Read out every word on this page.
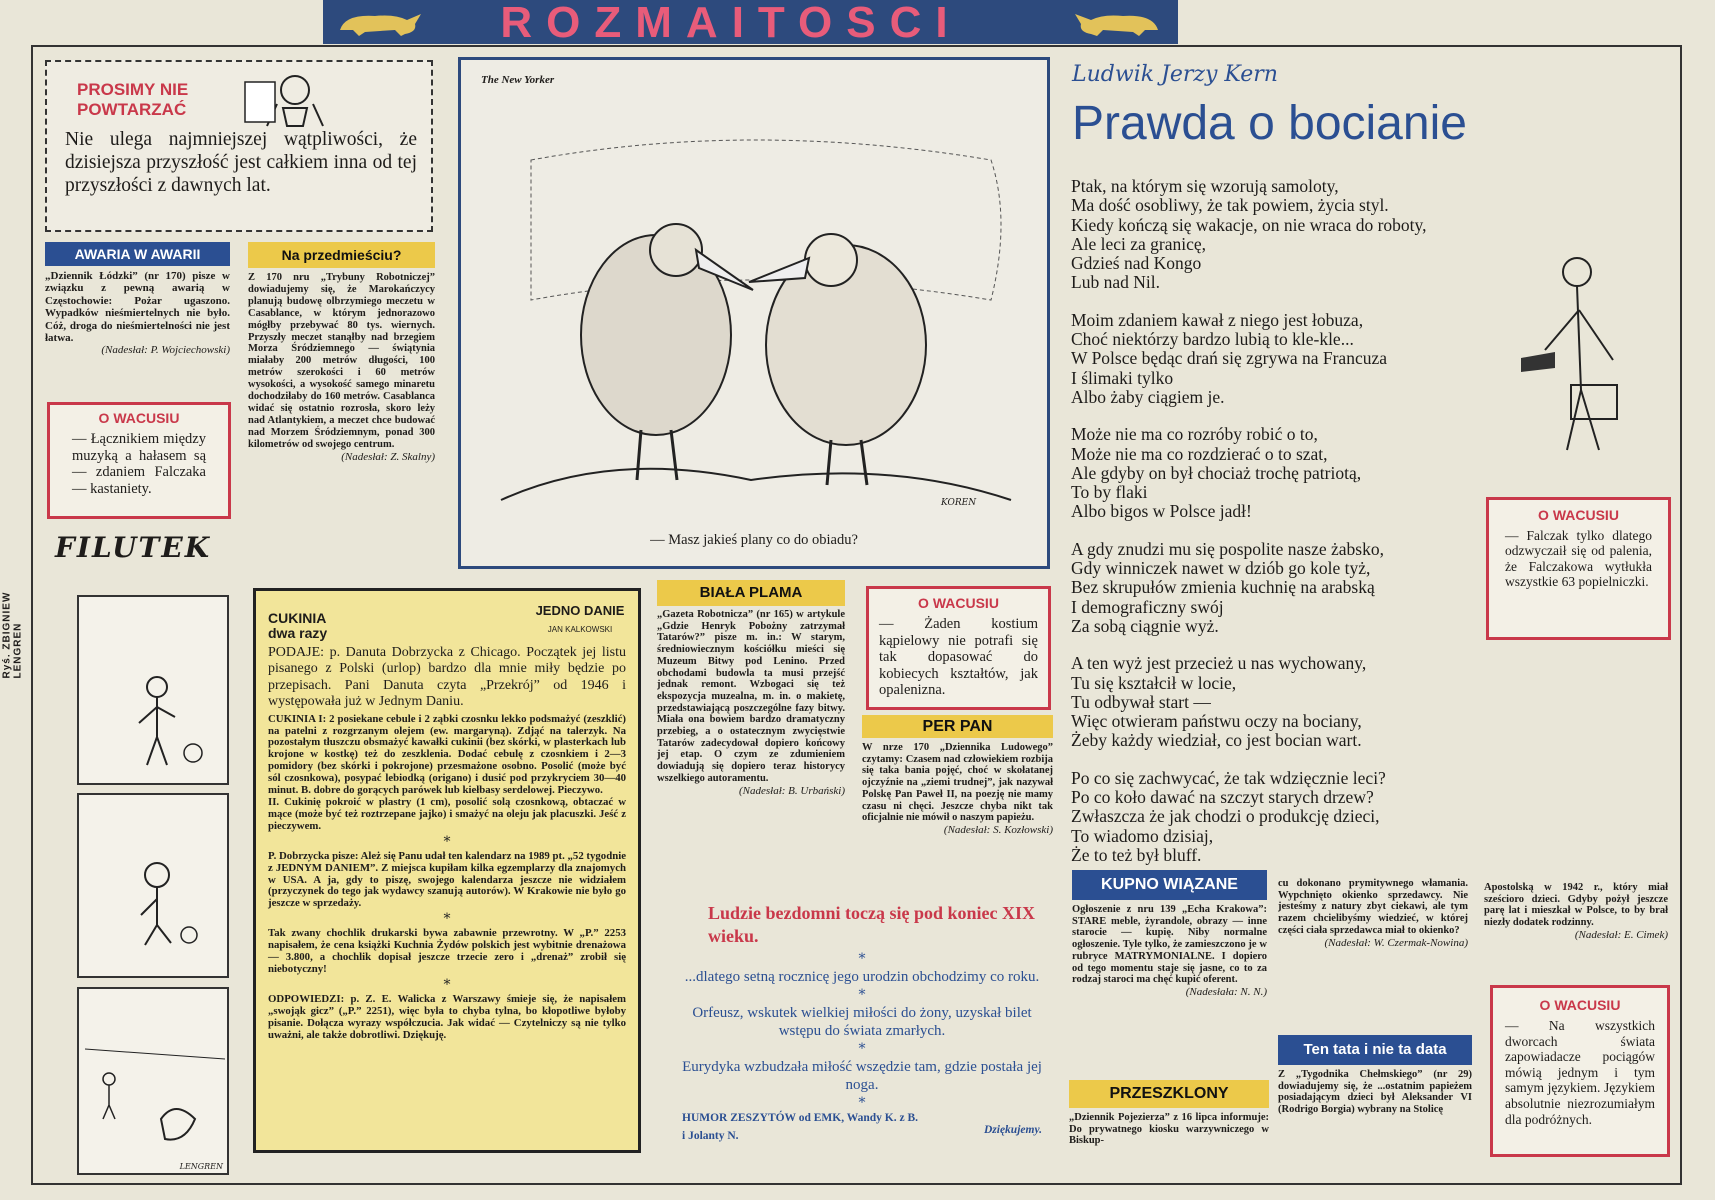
ROZMAITOSCI
Ryś. ZBIGNIEW LENGREN
PROSIMY NIE
POWTARZAĆ

Nie ulega najmniejszej wątpliwości, że dzisiejsza przyszłość jest całkiem inna od tej przyszłości z dawnych lat.

AWARIA W AWARII

„Dziennik Łódzki” (nr 170) pisze w związku z pewną awarią w Częstochowie: Pożar ugaszono. Wypadków nieśmiertelnych nie było. Cóż, droga do nieśmiertelności nie jest łatwa.

(Nadesłał: P. Wojciechowski)

Na przedmieściu?

Z 170 nru „Trybuny Robotniczej” dowiadujemy się, że Marokańczycy planują budowę olbrzymiego meczetu w Casablance, w którym jednorazowo mógłby przebywać 80 tys. wiernych. Przyszły meczet stanąłby nad brzegiem Morza Śródziemnego — świątynia miałaby 200 metrów długości, 100 metrów szerokości i 60 metrów wysokości, a wysokość samego minaretu dochodziłaby do 160 metrów. Casablanca widać się ostatnio rozrosła, skoro leży nad Atlantykiem, a meczet chce budować nad Morzem Śródziemnym, ponad 300 kilometrów od swojego centrum.

(Nadesłał: Z. Skalny)

O WACUSIU

— Łącznikiem między muzyką a hałasem są — zdaniem Falczaka — kastaniety.

FILUTEK
LENGREN
The New Yorker
KOREN
— Masz jakieś plany co do obiadu?
CUKINIA
dwa razy
JEDNO DANIE
JAN KALKOWSKI

PODAJE: p. Danuta Dobrzycka z Chicago. Początek jej listu pisanego z Polski (urlop) bardzo dla mnie miły będzie po przepisach. Pani Danuta czyta „Przekrój” od 1946 i występowała już w Jednym Daniu.

CUKINIA I: 2 posiekane cebule i 2 ząbki czosnku lekko podsmażyć (zeszklić) na patelni z rozgrzanym olejem (ew. margaryną). Zdjąć na talerzyk. Na pozostałym tłuszczu obsmażyć kawałki cukinii (bez skórki, w plasterkach lub krojone w kostkę) też do zeszklenia. Dodać cebulę z czosnkiem i 2—3 pomidory (bez skórki i pokrojone) przesmażone osobno. Posolić (może być sól czosnkowa), posypać lebiodką (origano) i dusić pod przykryciem 30—40 minut. B. dobre do gorących parówek lub kiełbasy serdelowej. Pieczywo.

II. Cukinię pokroić w plastry (1 cm), posolić solą czosnkową, obtaczać w mące (może być też roztrzepane jajko) i smażyć na oleju jak placuszki. Jeść z pieczywem.

*

P. Dobrzycka pisze: Ależ się Panu udał ten kalendarz na 1989 pt. „52 tygodnie z JEDNYM DANIEM”. Z miejsca kupiłam kilka egzemplarzy dla znajomych w USA. A ja, gdy to piszę, swojego kalendarza jeszcze nie widziałem (przyczynek do tego jak wydawcy szanują autorów). W Krakowie nie było go jeszcze w sprzedaży.

*

Tak zwany chochlik drukarski bywa zabawnie przewrotny. W „P.” 2253 napisałem, że cena książki Kuchnia Żydów polskich jest wybitnie drenażowa — 3.800, a chochlik dopisał jeszcze trzecie zero i „drenaż” zrobił się niebotyczny!

*

ODPOWIEDZI: p. Z. E. Walicka z Warszawy śmieje się, że napisałem „swojąk gicz” („P.” 2251), więc była to chyba tylna, bo kłopotliwe byłoby pisanie. Dołącza wyrazy współczucia. Jak widać — Czytelniczy są nie tylko uważni, ale także dobrotliwi. Dziękuję.

BIAŁA PLAMA

„Gazeta Robotnicza” (nr 165) w artykule „Gdzie Henryk Pobożny zatrzymał Tatarów?” pisze m. in.: W starym, średniowiecznym kościółku mieści się Muzeum Bitwy pod Lenino. Przed obchodami budowla ta musi przejść jednak remont. Wzbogaci się też ekspozycja muzealna, m. in. o makietę, przedstawiającą poszczególne fazy bitwy. Miała ona bowiem bardzo dramatyczny przebieg, a o ostatecznym zwycięstwie Tatarów zadecydował dopiero końcowy jej etap. O czym ze zdumieniem dowiadują się dopiero teraz historycy wszelkiego autoramentu.

(Nadesłał: B. Urbański)

O WACUSIU

— Żaden kostium kąpielowy nie potrafi się tak dopasować do kobiecych kształtów, jak opalenizna.

PER PAN

W nrze 170 „Dziennika Ludowego” czytamy: Czasem nad człowiekiem rozbija się taka bania pojęć, choć w skołatanej ojczyźnie na „ziemi trudnej”, jak nazywał Polskę Pan Paweł II, na poezję nie mamy czasu ni chęci. Jeszcze chyba nikt tak oficjalnie nie mówił o naszym papieżu.

(Nadesłał: S. Kozłowski)

Ludzie bezdomni toczą się pod koniec XIX wieku.
*

...dlatego setną rocznicę jego urodzin obchodzimy co roku.

*

Orfeusz, wskutek wielkiej miłości do żony, uzyskał bilet wstępu do świata zmarłych.

*

Eurydyka wzbudzała miłość wszędzie tam, gdzie postała jej noga.

*
HUMOR ZESZYTÓW od EMK, Wandy K. z B.
i Jolanty N.	Dziękujemy.
Ludwik Jerzy Kern
Prawda o bocianie

Ptak, na którym się wzorują samoloty,
Ma dość osobliwy, że tak powiem, życia styl.
Kiedy kończą się wakacje, on nie wraca do roboty,
Ale leci za granicę,
Gdzieś nad Kongo
Lub nad Nil.

Moim zdaniem kawał z niego jest łobuza,
Choć niektórzy bardzo lubią to kle-kle...
W Polsce będąc drań się zgrywa na Francuza
I ślimaki tylko
Albo żaby ciągiem je.

Może nie ma co rozróby robić o to,
Może nie ma co rozdzierać o to szat,
Ale gdyby on był chociaż trochę patriotą,
To by flaki
Albo bigos w Polsce jadł!

A gdy znudzi mu się pospolite nasze żabsko,
Gdy winniczek nawet w dziób go kole tyż,
Bez skrupułów zmienia kuchnię na arabską
I demograficzny swój
Za sobą ciągnie wyż.

A ten wyż jest przecież u nas wychowany,
Tu się kształcił w locie,
Tu odbywał start —
Więc otwieram państwu oczy na bociany,
Żeby każdy wiedział, co jest bocian wart.

Po co się zachwycać, że tak wdzięcznie leci?
Po co koło dawać na szczyt starych drzew?
Zwłaszcza że jak chodzi o produkcję dzieci,
To wiadomo dzisiaj,
Że to też był bluff.

O WACUSIU

— Falczak tylko dlatego odzwyczaił się od palenia, że Falczakowa wytłukła wszystkie 63 popielniczki.

KUPNO WIĄZANE

Ogłoszenie z nru 139 „Echa Krakowa”: STARE meble, żyrandole, obrazy — inne starocie — kupię. Niby normalne ogłoszenie. Tyle tylko, że zamieszczono je w rubryce MATRYMONIALNE. I dopiero od tego momentu staje się jasne, co to za rodzaj staroci ma chęć kupić oferent.

(Nadesłała: N. N.)

cu dokonano prymitywnego włamania. Wypchnięto okienko sprzedawcy. Nie jesteśmy z natury zbyt ciekawi, ale tym razem chcielibyśmy wiedzieć, w której części ciała sprzedawca miał to okienko?

(Nadesłał: W. Czermak-Nowina)

PRZESZKLONY

„Dziennik Pojezierza” z 16 lipca informuje: Do prywatnego kiosku warzywniczego w Biskup-

Ten tata i nie ta data

Z „Tygodnika Chełmskiego” (nr 29) dowiadujemy się, że ...ostatnim papieżem posiadającym dzieci był Aleksander VI (Rodrigo Borgia) wybrany na Stolicę

Apostolską w 1942 r., który miał sześcioro dzieci. Gdyby pożył jeszcze parę lat i mieszkał w Polsce, to by brał niezły dodatek rodzinny.

(Nadesłał: E. Cimek)

O WACUSIU

— Na wszystkich dworcach świata zapowiadacze pociągów mówią jednym i tym samym językiem. Językiem absolutnie niezrozumiałym dla podróżnych.
